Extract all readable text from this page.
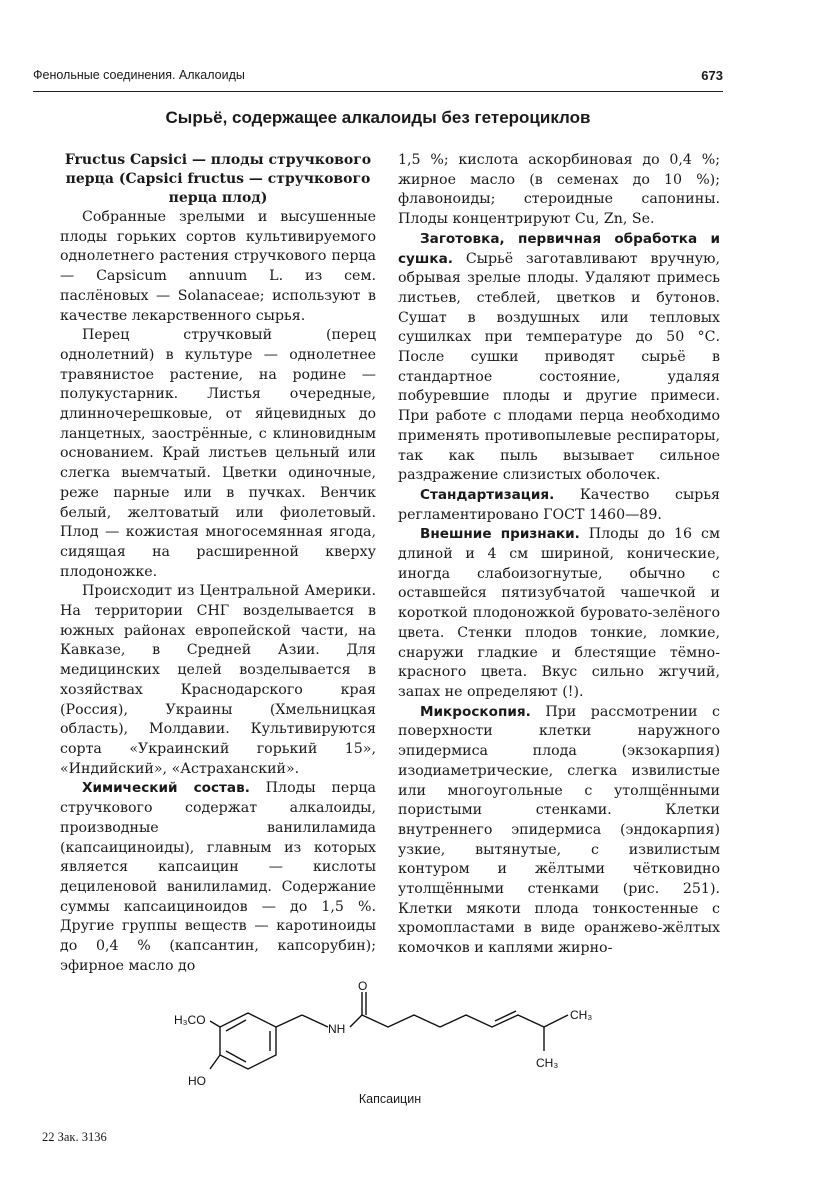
Фенольные соединения. Алкалоиды	673
Сырьё, содержащее алкалоиды без гетероциклов

Fructus Capsici — плоды стручкового перца (Capsici fructus — стручкового перца плод)

Собранные зрелыми и высушенные плоды горьких сортов культивируемого однолетнего растения стручкового перца — Capsicum annuum L. из сем. паслёновых — Solanaceae; используют в качестве лекарственного сырья.

Перец стручковый (перец однолетний) в культуре — однолетнее травянистое растение, на родине — полукустарник. Листья очередные, длинночерешковые, от яйцевидных до ланцетных, заострённые, с клиновидным основанием. Край листьев цельный или слегка выемчатый. Цветки одиночные, реже парные или в пучках. Венчик белый, желтоватый или фиолетовый. Плод — кожистая многосемянная ягода, сидящая на расширенной кверху плодоножке.

Происходит из Центральной Америки. На территории СНГ возделывается в южных районах европейской части, на Кавказе, в Средней Азии. Для медицинских целей возделывается в хозяйствах Краснодарского края (Россия), Украины (Хмельницкая область), Молдавии. Культивируются сорта «Украинский горький 15», «Индийский», «Астраханский».

Химический состав. Плоды перца стручкового содержат алкалоиды, производные ванилиламида (капсаициноиды), главным из которых является капсаицин — кислоты дециленовой ванилиламид. Содержание суммы капсаициноидов — до 1,5 %. Другие группы веществ — каротиноиды до 0,4 % (капсантин, капсорубин); эфирное масло до

1,5 %; кислота аскорбиновая до 0,4 %; жирное масло (в семенах до 10 %); флавоноиды; стероидные сапонины. Плоды концентрируют Cu, Zn, Se.

Заготовка, первичная обработка и сушка. Сырьё заготавливают вручную, обрывая зрелые плоды. Удаляют примесь листьев, стеблей, цветков и бутонов. Сушат в воздушных или тепловых сушилках при температуре до 50 °С. После сушки приводят сырьё в стандартное состояние, удаляя побуревшие плоды и другие примеси. При работе с плодами перца необходимо применять противопылевые респираторы, так как пыль вызывает сильное раздражение слизистых оболочек.

Стандартизация. Качество сырья регламентировано ГОСТ 1460—89.

Внешние признаки. Плоды до 16 см длиной и 4 см шириной, конические, иногда слабоизогнутые, обычно с оставшейся пятизубчатой чашечкой и короткой плодоножкой буровато-зелёного цвета. Стенки плодов тонкие, ломкие, снаружи гладкие и блестящие тёмно-красного цвета. Вкус сильно жгучий, запах не определяют (!).

Микроскопия. При рассмотрении с поверхности клетки наружного эпидермиса плода (экзокарпия) изодиаметрические, слегка извилистые или многоугольные с утолщёнными пористыми стенками. Клетки внутреннего эпидермиса (эндокарпия) узкие, вытянутые, с извилистым контуром и жёлтыми чётковидно утолщёнными стенками (рис. 251). Клетки мякоти плода тонкостенные с хромопластами в виде оранжево-жёлтых комочков и каплями жирно-

H₃CO
HO
NH
O
CH₃
CH₃
Капсаицин
22 Зак. 3136
